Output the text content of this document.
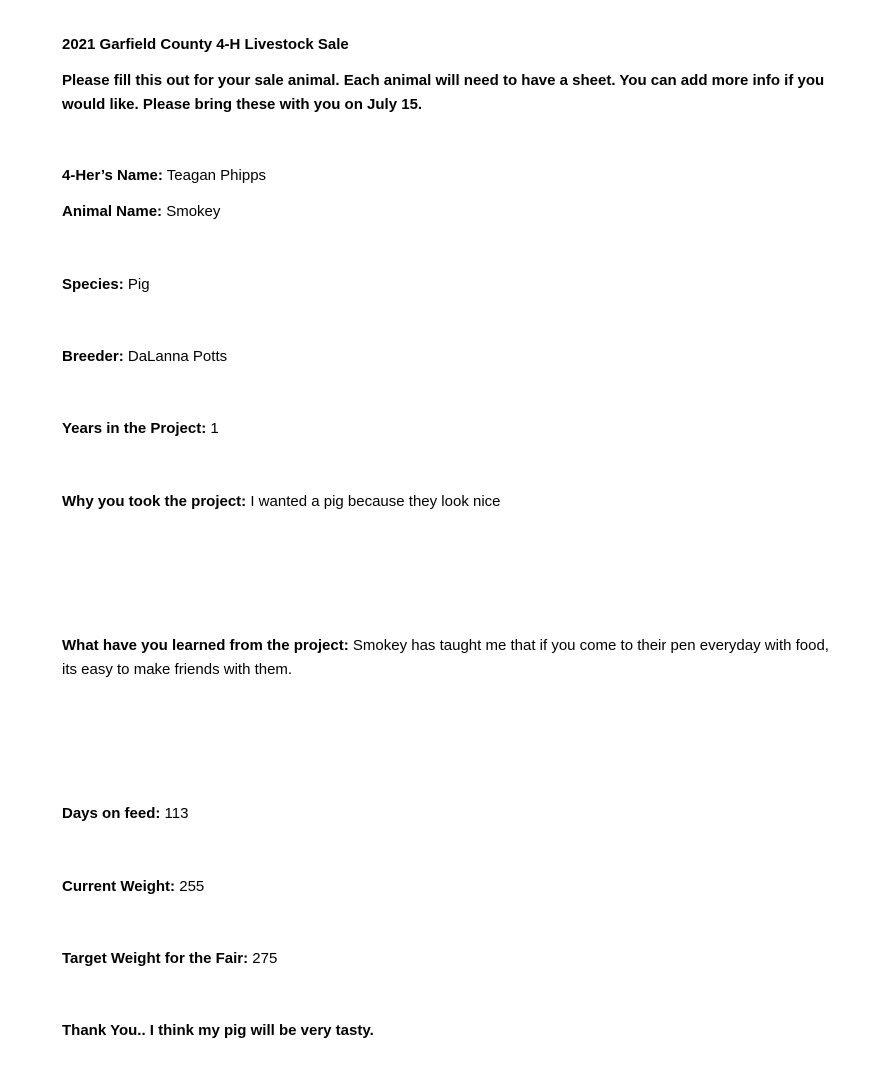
2021 Garfield County 4-H Livestock Sale
Please fill this out for your sale animal. Each animal will need to have a sheet. You can add more info if you would like. Please bring these with you on July 15.
4-Her’s Name: Teagan Phipps
Animal Name: Smokey
Species: Pig
Breeder: DaLanna Potts
Years in the Project: 1
Why you took the project: I wanted a pig because they look nice
What have you learned from the project: Smokey has taught me that if you come to their pen everyday with food, its easy to make friends with them.
Days on feed: 113
Current Weight: 255
Target Weight for the Fair: 275
Thank You.. I think my pig will be very tasty.
